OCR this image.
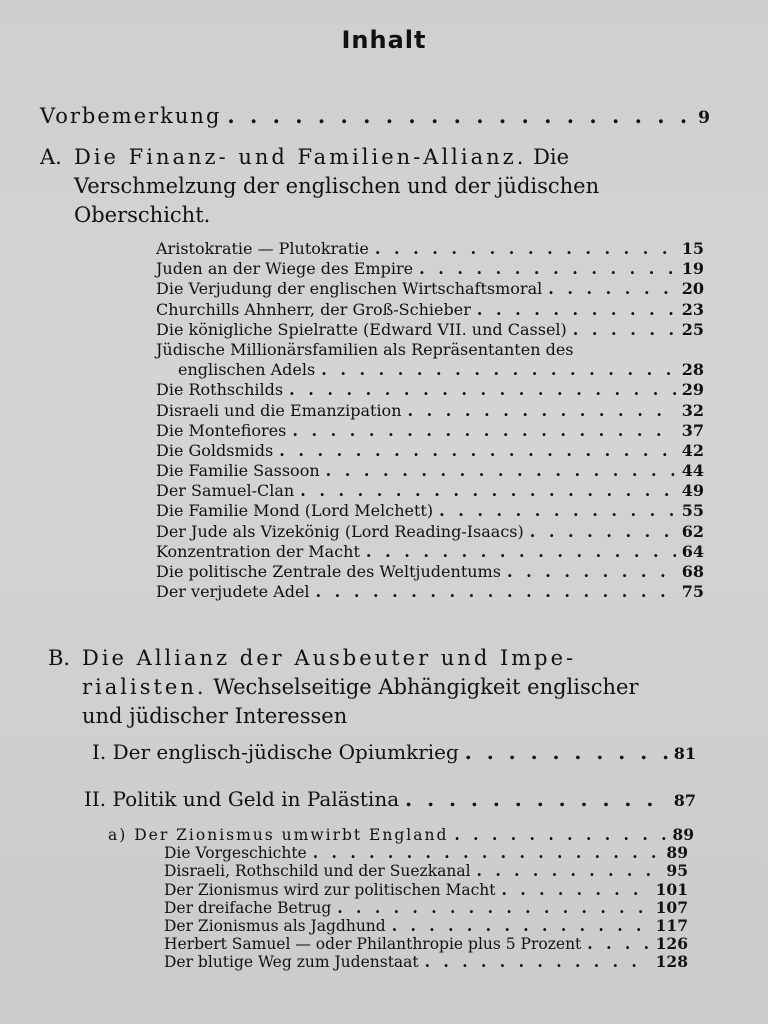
Inhalt
Vorbemerkung . . .	9
A. Die Finanz- und Familien-Allianz. Die
Verschmelzung der englischen und der jüdischen
Oberschicht.
Aristokratie — Plutokratie . . .	15
Juden an der Wiege des Empire . . .	19
Die Verjudung der englischen Wirtschaftsmoral . . .	20
Churchills Ahnherr, der Groß-Schieber . . .	23
Die königliche Spielratte (Edward VII. und Cassel) . . .	25
Jüdische Millionärsfamilien als Repräsentanten des
englischen Adels . . .	28
Die Rothschilds . . .	29
Disraeli und die Emanzipation . . .	32
Die Montefiores . . .	37
Die Goldsmids . . .	42
Die Familie Sassoon . . .	44
Der Samuel-Clan . . .	49
Die Familie Mond (Lord Melchett) . . .	55
Der Jude als Vizekönig (Lord Reading-Isaacs) . . .	62
Konzentration der Macht . . .	64
Die politische Zentrale des Weltjudentums . . .	68
Der verjudete Adel . . .	75
B. Die Allianz der Ausbeuter und Impe-
rialisten. Wechselseitige Abhängigkeit englischer
und jüdischer Interessen
I. Der englisch-jüdische Opiumkrieg . . .	81
II. Politik und Geld in Palästina . . .	87
a) Der Zionismus umwirbt England . . .	89
Die Vorgeschichte . . .	89
Disraeli, Rothschild und der Suezkanal . . .	95
Der Zionismus wird zur politischen Macht . . .	101
Der dreifache Betrug . . .	107
Der Zionismus als Jagdhund . . .	117
Herbert Samuel — oder Philanthropie plus 5 Prozent . . .	126
Der blutige Weg zum Judenstaat . . .	128
